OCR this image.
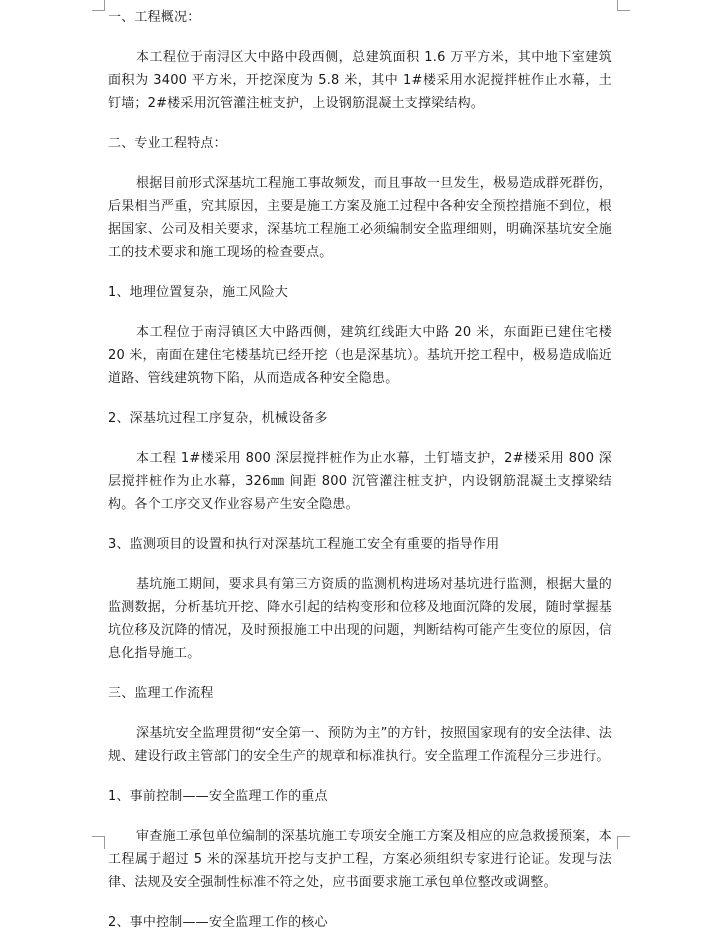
一、工程概况：

本工程位于南浔区大中路中段西侧，总建筑面积 1.6 万平方米，其中地下室建筑面积为 3400 平方米，开挖深度为 5.8 米，其中 1#楼采用水泥搅拌桩作止水幕，土钉墙；2#楼采用沉管灌注桩支护，上设钢筋混凝土支撑梁结构。

二、专业工程特点：

根据目前形式深基坑工程施工事故频发，而且事故一旦发生，极易造成群死群伤，后果相当严重，究其原因，主要是施工方案及施工过程中各种安全预控措施不到位，根据国家、公司及相关要求，深基坑工程施工必须编制安全监理细则，明确深基坑安全施工的技术要求和施工现场的检查要点。

1、地理位置复杂，施工风险大

本工程位于南浔镇区大中路西侧，建筑红线距大中路 20 米，东面距已建住宅楼 20 米，南面在建住宅楼基坑已经开挖（也是深基坑）。基坑开挖工程中，极易造成临近道路、管线建筑物下陷，从而造成各种安全隐患。

2、深基坑过程工序复杂，机械设备多

本工程 1#楼采用 800 深层搅拌桩作为止水幕，土钉墙支护，2#楼采用 800 深层搅拌桩作为止水幕，326㎜ 间距 800 沉管灌注桩支护，内设钢筋混凝土支撑梁结构。各个工序交叉作业容易产生安全隐患。

3、监测项目的设置和执行对深基坑工程施工安全有重要的指导作用

基坑施工期间，要求具有第三方资质的监测机构进场对基坑进行监测，根据大量的监测数据，分析基坑开挖、降水引起的结构变形和位移及地面沉降的发展，随时掌握基坑位移及沉降的情况，及时预报施工中出现的问题，判断结构可能产生变位的原因，信息化指导施工。

三、监理工作流程

深基坑安全监理贯彻“安全第一、预防为主”的方针，按照国家现有的安全法律、法规、建设行政主管部门的安全生产的规章和标准执行。安全监理工作流程分三步进行。

1、事前控制——安全监理工作的重点

审查施工承包单位编制的深基坑施工专项安全施工方案及相应的应急救援预案，本工程属于超过 5 米的深基坑开挖与支护工程，方案必须组织专家进行论证。发现与法律、法规及安全强制性标准不符之处，应书面要求施工承包单位整改或调整。

2、事中控制——安全监理工作的核心
